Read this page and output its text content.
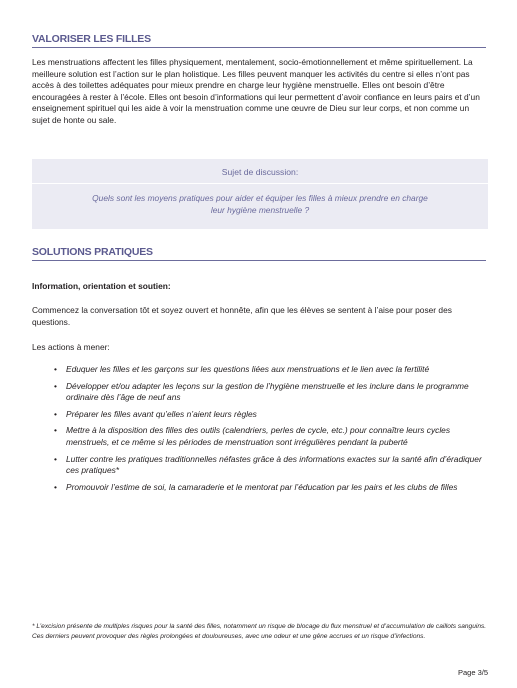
VALORISER LES FILLES
Les menstruations affectent les filles physiquement, mentalement, socio-émotionnellement et même spirituellement. La meilleure solution est l’action sur le plan holistique. Les filles peuvent manquer les activités du centre si elles n’ont pas accès à des toilettes adéquates pour mieux prendre en charge leur hygiène menstruelle. Elles ont besoin d’être encouragées à rester à l’école. Elles ont besoin d’informations qui leur permettent d’avoir confiance en leurs pairs et d’un enseignement spirituel qui les aide à voir la menstruation comme une œuvre de Dieu sur leur corps, et non comme un sujet de honte ou sale.
Sujet de discussion:
Quels sont les moyens pratiques pour aider et équiper les filles à mieux prendre en charge leur hygiène menstruelle ?
SOLUTIONS PRATIQUES
Information, orientation et soutien:
Commencez la conversation tôt et soyez ouvert et honnête, afin que les élèves se sentent à l’aise pour poser des questions.
Les actions à mener:
• Eduquer les filles et les garçons sur les questions liées aux menstruations et le lien avec la fertilité
• Développer et/ou adapter les leçons sur la gestion de l’hygiène menstruelle et les inclure dans le programme ordinaire dès l’âge de neuf ans
• Préparer les filles avant qu’elles n’aient leurs règles
• Mettre à la disposition des filles des outils (calendriers, perles de cycle, etc.) pour connaître leurs cycles menstruels, et ce même si les périodes de menstruation sont irrégulières pendant la puberté
• Lutter contre les pratiques traditionnelles néfastes grâce à des informations exactes sur la santé afin d’éradiquer ces pratiques*
• Promouvoir l’estime de soi, la camaraderie et le mentorat par l’éducation par les pairs et les clubs de filles
* L’excision présente de multiples risques pour la santé des filles, notamment un risque de blocage du flux menstruel et d’accumulation de caillots sanguins. Ces derniers peuvent provoquer des règles prolongées et douloureuses, avec une odeur et une gêne accrues et un risque d’infections.
Page 3/5
